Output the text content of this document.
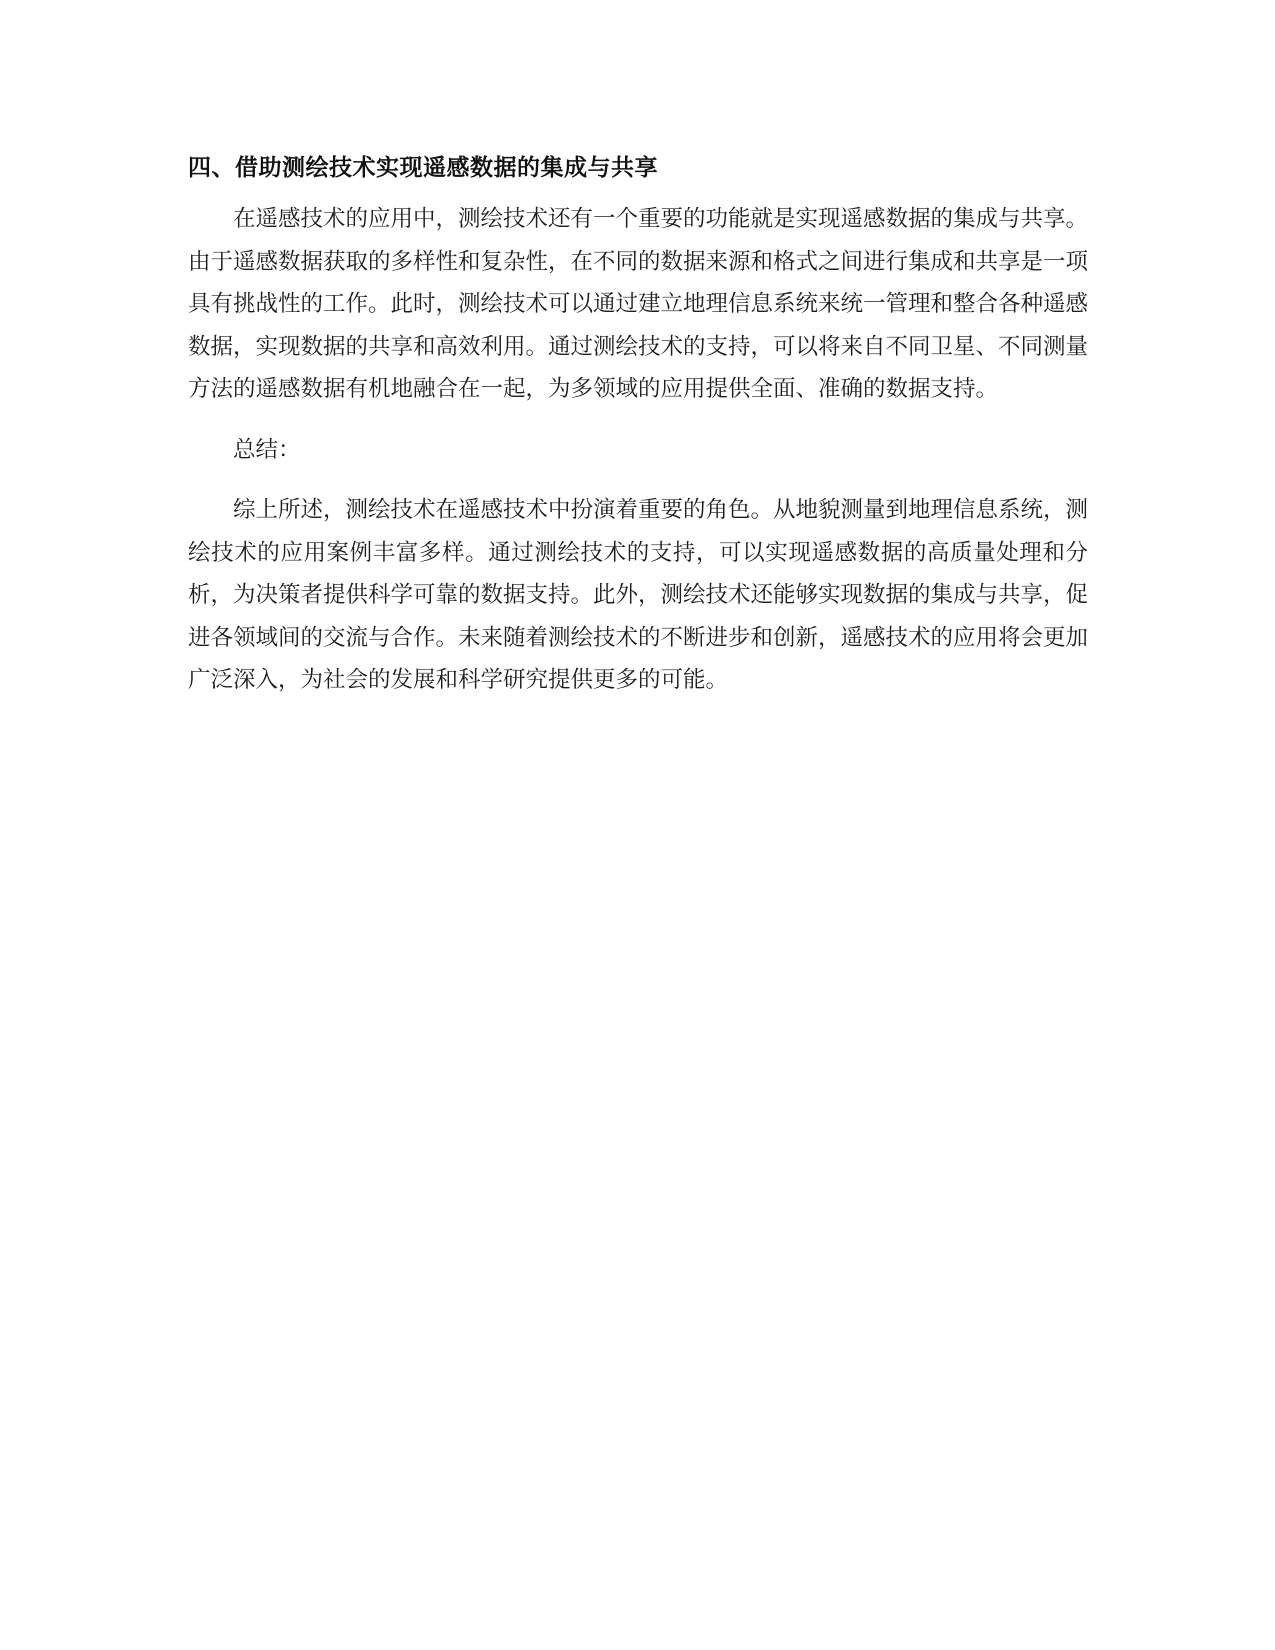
四、借助测绘技术实现遥感数据的集成与共享

在遥感技术的应用中，测绘技术还有一个重要的功能就是实现遥感数据的集成与共享。由于遥感数据获取的多样性和复杂性，在不同的数据来源和格式之间进行集成和共享是一项具有挑战性的工作。此时，测绘技术可以通过建立地理信息系统来统一管理和整合各种遥感数据，实现数据的共享和高效利用。通过测绘技术的支持，可以将来自不同卫星、不同测量方法的遥感数据有机地融合在一起，为多领域的应用提供全面、准确的数据支持。

总结：

综上所述，测绘技术在遥感技术中扮演着重要的角色。从地貌测量到地理信息系统，测绘技术的应用案例丰富多样。通过测绘技术的支持，可以实现遥感数据的高质量处理和分析，为决策者提供科学可靠的数据支持。此外，测绘技术还能够实现数据的集成与共享，促进各领域间的交流与合作。未来随着测绘技术的不断进步和创新，遥感技术的应用将会更加广泛深入，为社会的发展和科学研究提供更多的可能。
